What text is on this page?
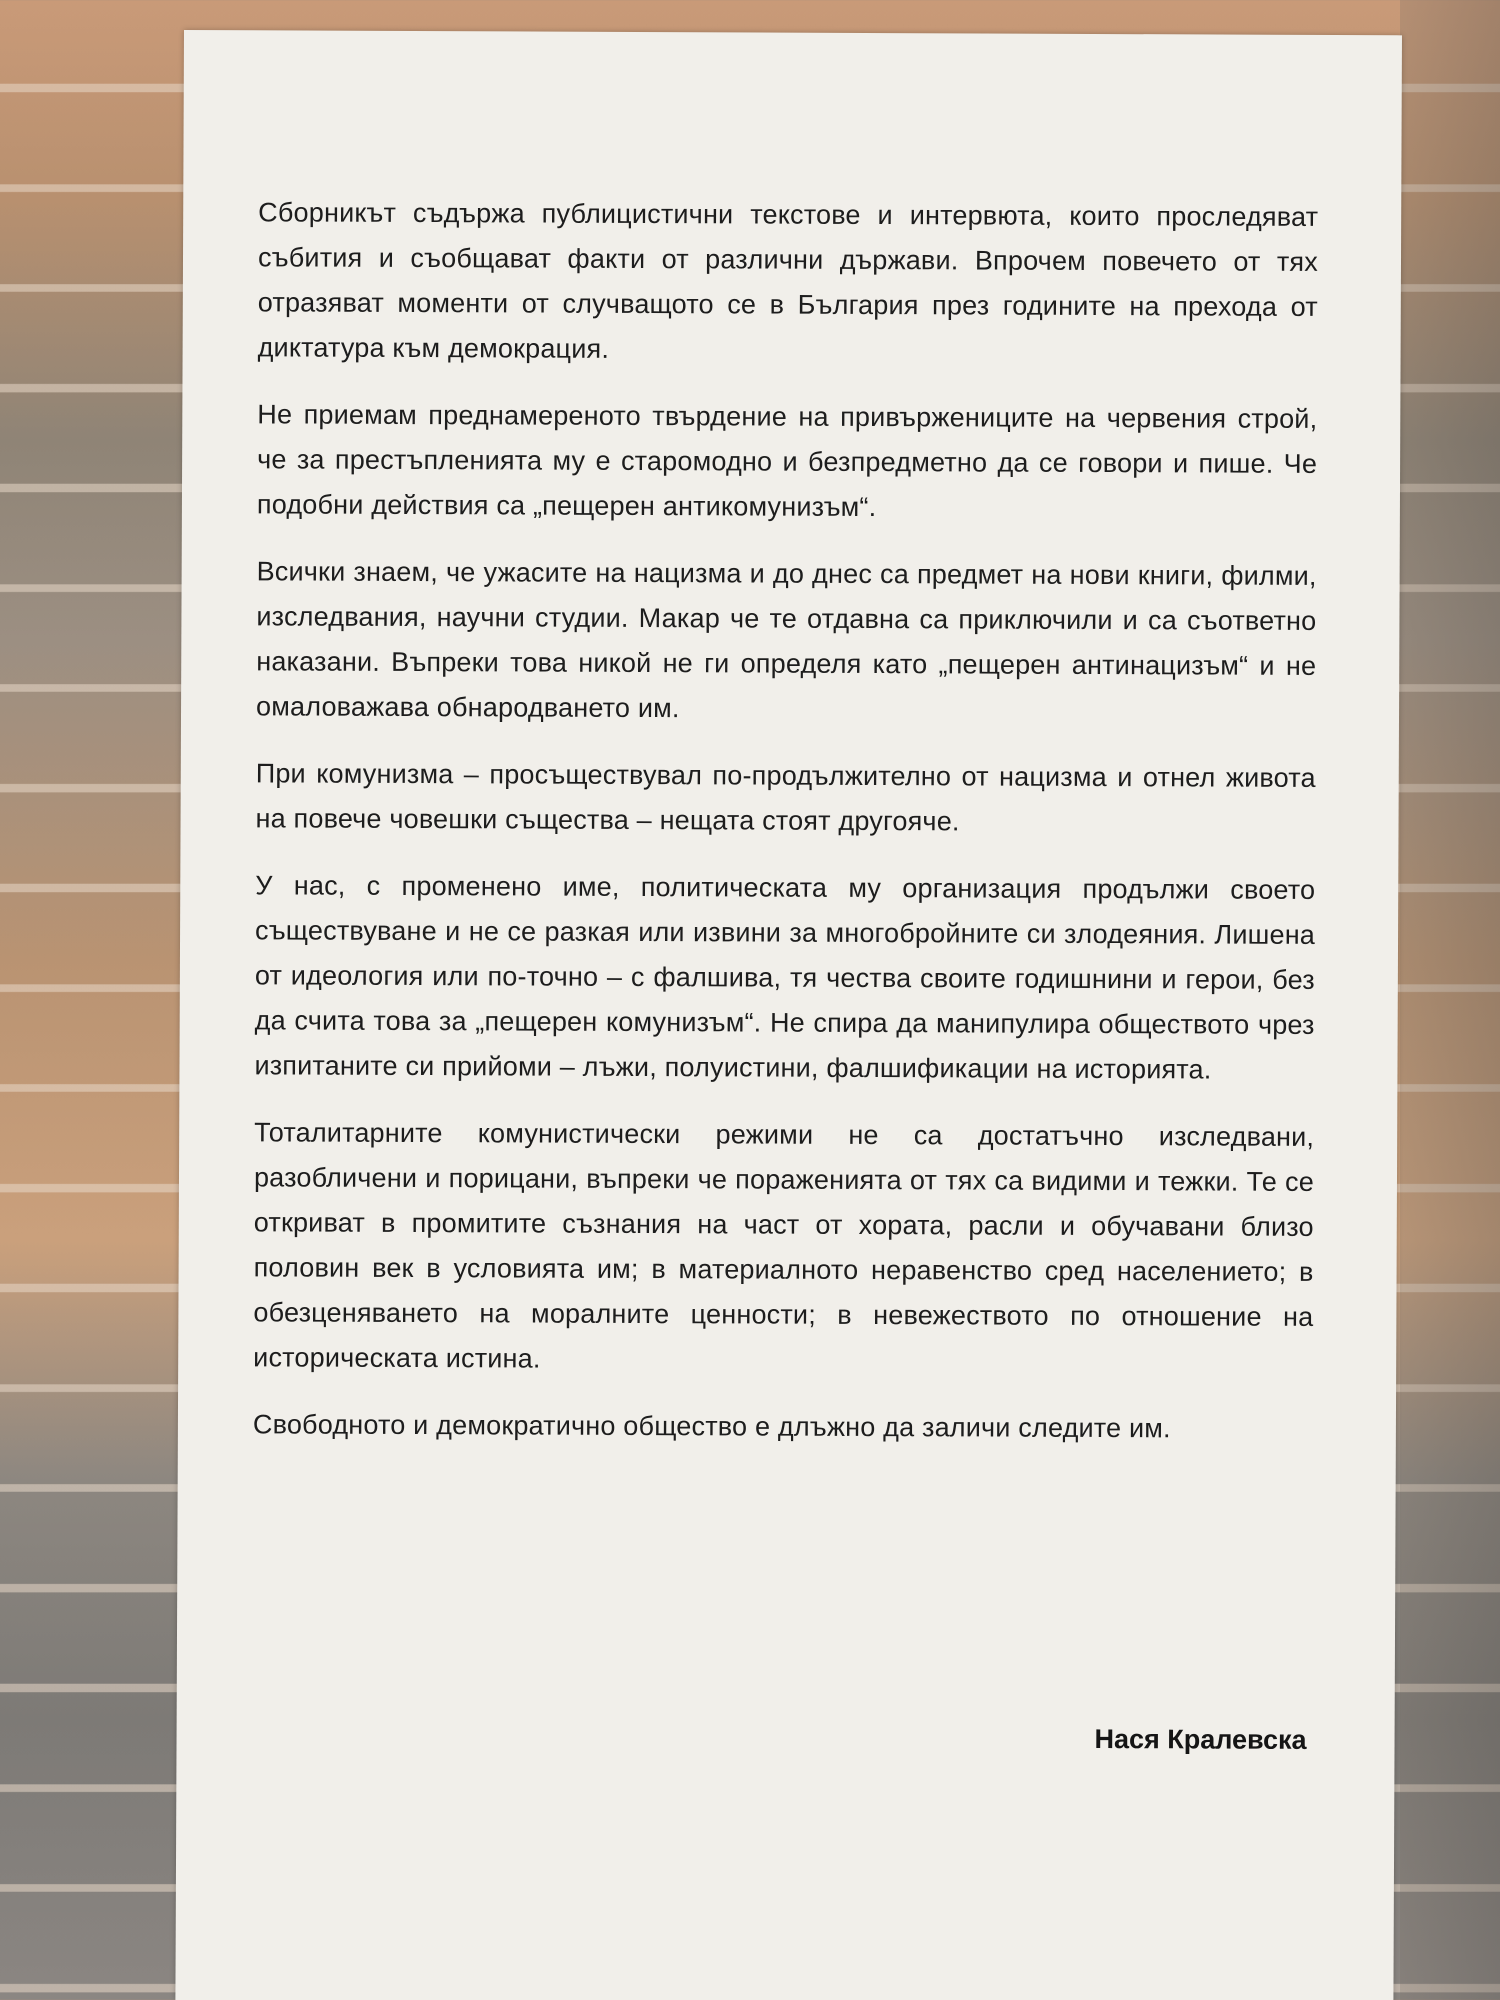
Сборникът съдържа публицистични текстове и интервюта, които проследяват събития и съобщават факти от различни държави. Впрочем повечето от тях отразяват моменти от случващото се в България през годините на прехода от диктатура към демокрация.

Не приемам преднамереното твърдение на привържениците на червения строй, че за престъпленията му е старомодно и безпредметно да се говори и пише. Че подобни действия са „пещерен антикомунизъм“.

Всички знаем, че ужасите на нацизма и до днес са предмет на нови книги, филми, изследвания, научни студии. Макар че те отдавна са приключили и са съответно наказани. Въпреки това никой не ги определя като „пещерен антинацизъм“ и не омаловажава обнародването им.

При комунизма – просъществувал по-продължително от нацизма и отнел живота на повече човешки същества – нещата стоят другояче.

У нас, с променено име, политическата му организация продължи своето съществуване и не се разкая или извини за многобройните си злодеяния. Лишена от идеология или по-точно – с фалшива, тя чества своите годишнини и герои, без да счита това за „пещерен комунизъм“. Не спира да манипулира обществото чрез изпитаните си прийоми – лъжи, полуистини, фалшификации на историята.

Тоталитарните комунистически режими не са достатъчно изследвани, разобличени и порицани, въпреки че пораженията от тях са видими и тежки. Те се откриват в промитите съзнания на част от хората, расли и обучавани близо половин век в условията им; в материалното неравенство сред населението; в обезценяването на моралните ценности; в невежеството по отношение на историческата истина.

Свободното и демократично общество е длъжно да заличи следите им.

Нася Кралевска
